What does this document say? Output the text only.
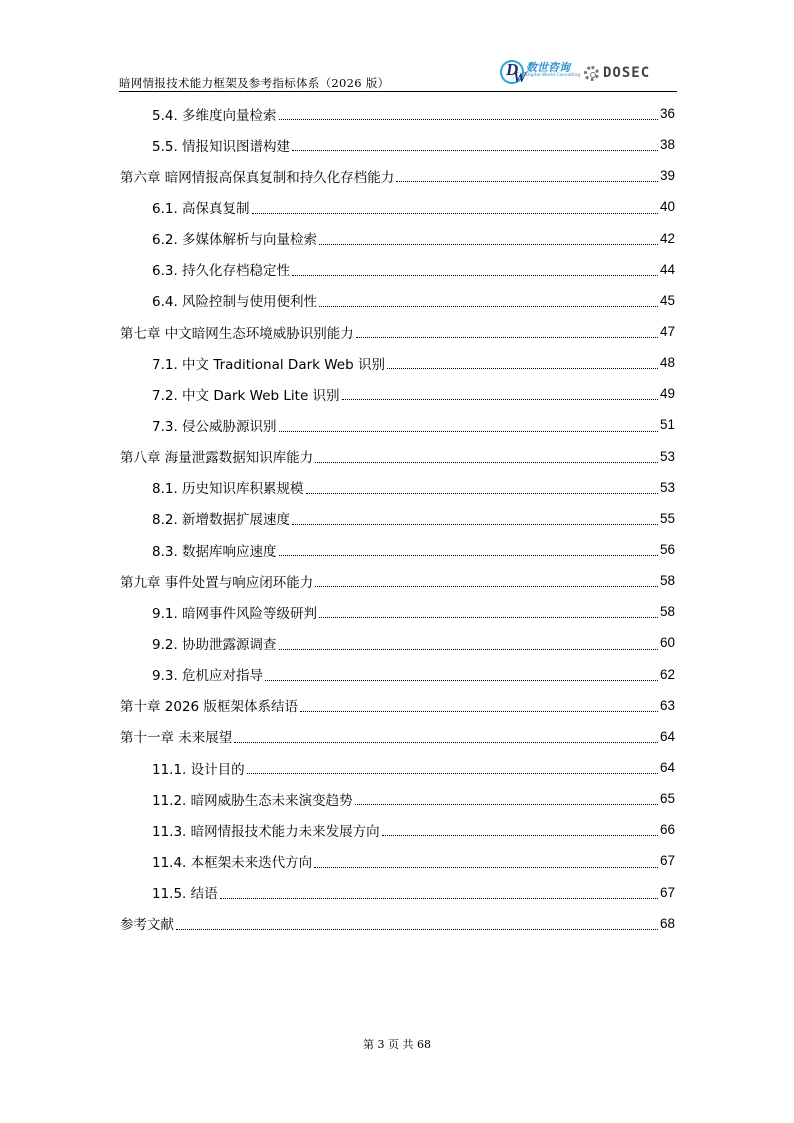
暗网情报技术能力框架及参考指标体系（2026 版）
D
W
数世咨询
Digital World Consulting DOSEC
5.4. 多维度向量检索	36
5.5. 情报知识图谱构建	38
第六章 暗网情报高保真复制和持久化存档能力	39
6.1. 高保真复制	40
6.2. 多媒体解析与向量检索	42
6.3. 持久化存档稳定性	44
6.4. 风险控制与使用便利性	45
第七章 中文暗网生态环境威胁识别能力	47
7.1. 中文 Traditional Dark Web 识别	48
7.2. 中文 Dark Web Lite 识别	49
7.3. 侵公威胁源识别	51
第八章 海量泄露数据知识库能力	53
8.1. 历史知识库积累规模	53
8.2. 新增数据扩展速度	55
8.3. 数据库响应速度	56
第九章 事件处置与响应闭环能力	58
9.1. 暗网事件风险等级研判	58
9.2. 协助泄露源调查	60
9.3. 危机应对指导	62
第十章 2026 版框架体系结语	63
第十一章 未来展望	64
11.1. 设计目的	64
11.2. 暗网威胁生态未来演变趋势	65
11.3. 暗网情报技术能力未来发展方向	66
11.4. 本框架未来迭代方向	67
11.5. 结语	67
参考文献	68
第 3 页 共 68
